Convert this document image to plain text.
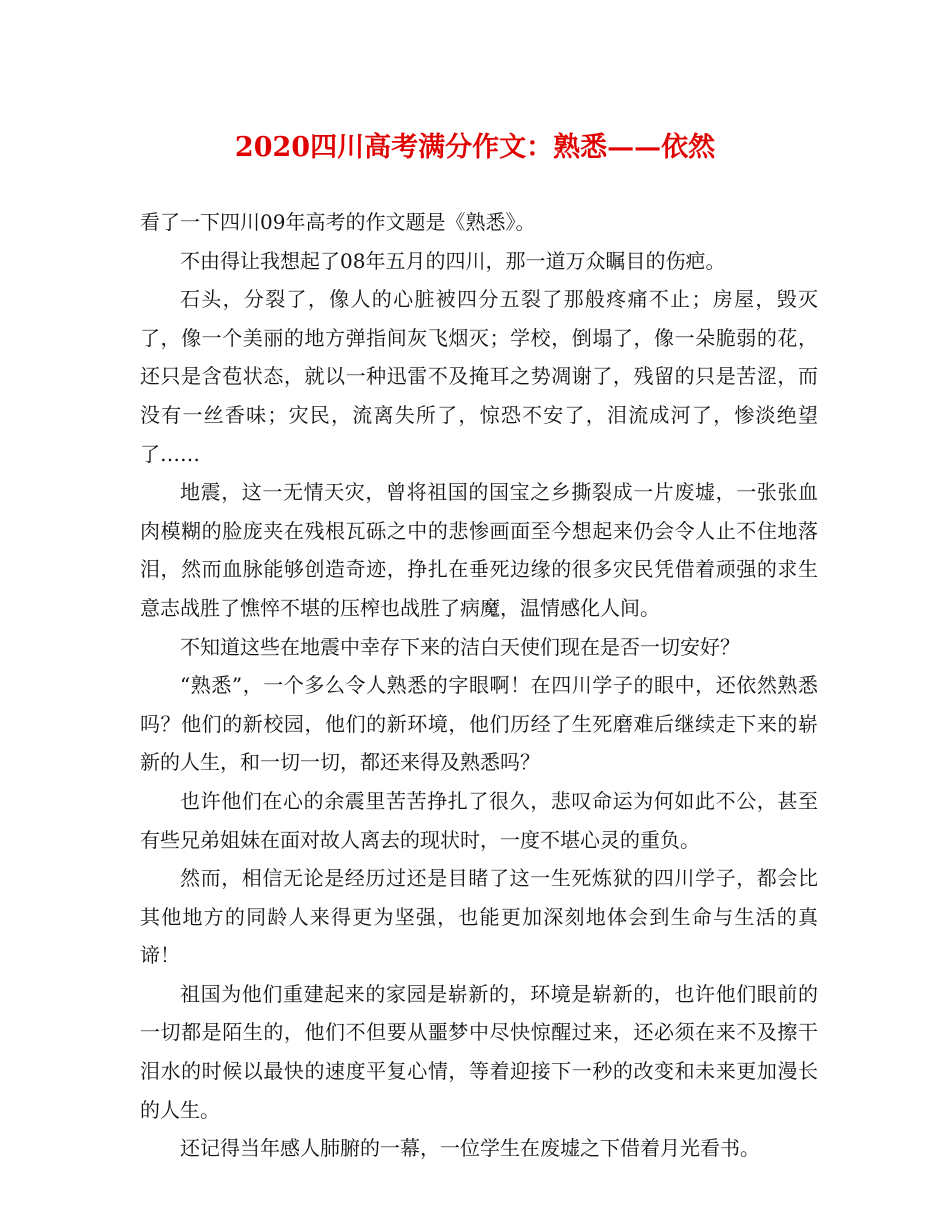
2020四川高考满分作文：熟悉——依然

看了一下四川09年高考的作文题是《熟悉》。

不由得让我想起了08年五月的四川，那一道万众瞩目的伤疤。

石头，分裂了，像人的心脏被四分五裂了那般疼痛不止；房屋，毁灭了，像一个美丽的地方弹指间灰飞烟灭；学校，倒塌了，像一朵脆弱的花，还只是含苞状态，就以一种迅雷不及掩耳之势凋谢了，残留的只是苦涩，而没有一丝香味；灾民，流离失所了，惊恐不安了，泪流成河了，惨淡绝望了……

地震，这一无情天灾，曾将祖国的国宝之乡撕裂成一片废墟，一张张血肉模糊的脸庞夹在残根瓦砾之中的悲惨画面至今想起来仍会令人止不住地落泪，然而血脉能够创造奇迹，挣扎在垂死边缘的很多灾民凭借着顽强的求生意志战胜了憔悴不堪的压榨也战胜了病魔，温情感化人间。

不知道这些在地震中幸存下来的洁白天使们现在是否一切安好？

“熟悉”，一个多么令人熟悉的字眼啊！在四川学子的眼中，还依然熟悉吗？他们的新校园，他们的新环境，他们历经了生死磨难后继续走下来的崭新的人生，和一切一切，都还来得及熟悉吗？

也许他们在心的余震里苦苦挣扎了很久，悲叹命运为何如此不公，甚至有些兄弟姐妹在面对故人离去的现状时，一度不堪心灵的重负。

然而，相信无论是经历过还是目睹了这一生死炼狱的四川学子，都会比其他地方的同龄人来得更为坚强，也能更加深刻地体会到生命与生活的真谛！

祖国为他们重建起来的家园是崭新的，环境是崭新的，也许他们眼前的一切都是陌生的，他们不但要从噩梦中尽快惊醒过来，还必须在来不及擦干泪水的时候以最快的速度平复心情，等着迎接下一秒的改变和未来更加漫长的人生。

还记得当年感人肺腑的一幕，一位学生在废墟之下借着月光看书。
